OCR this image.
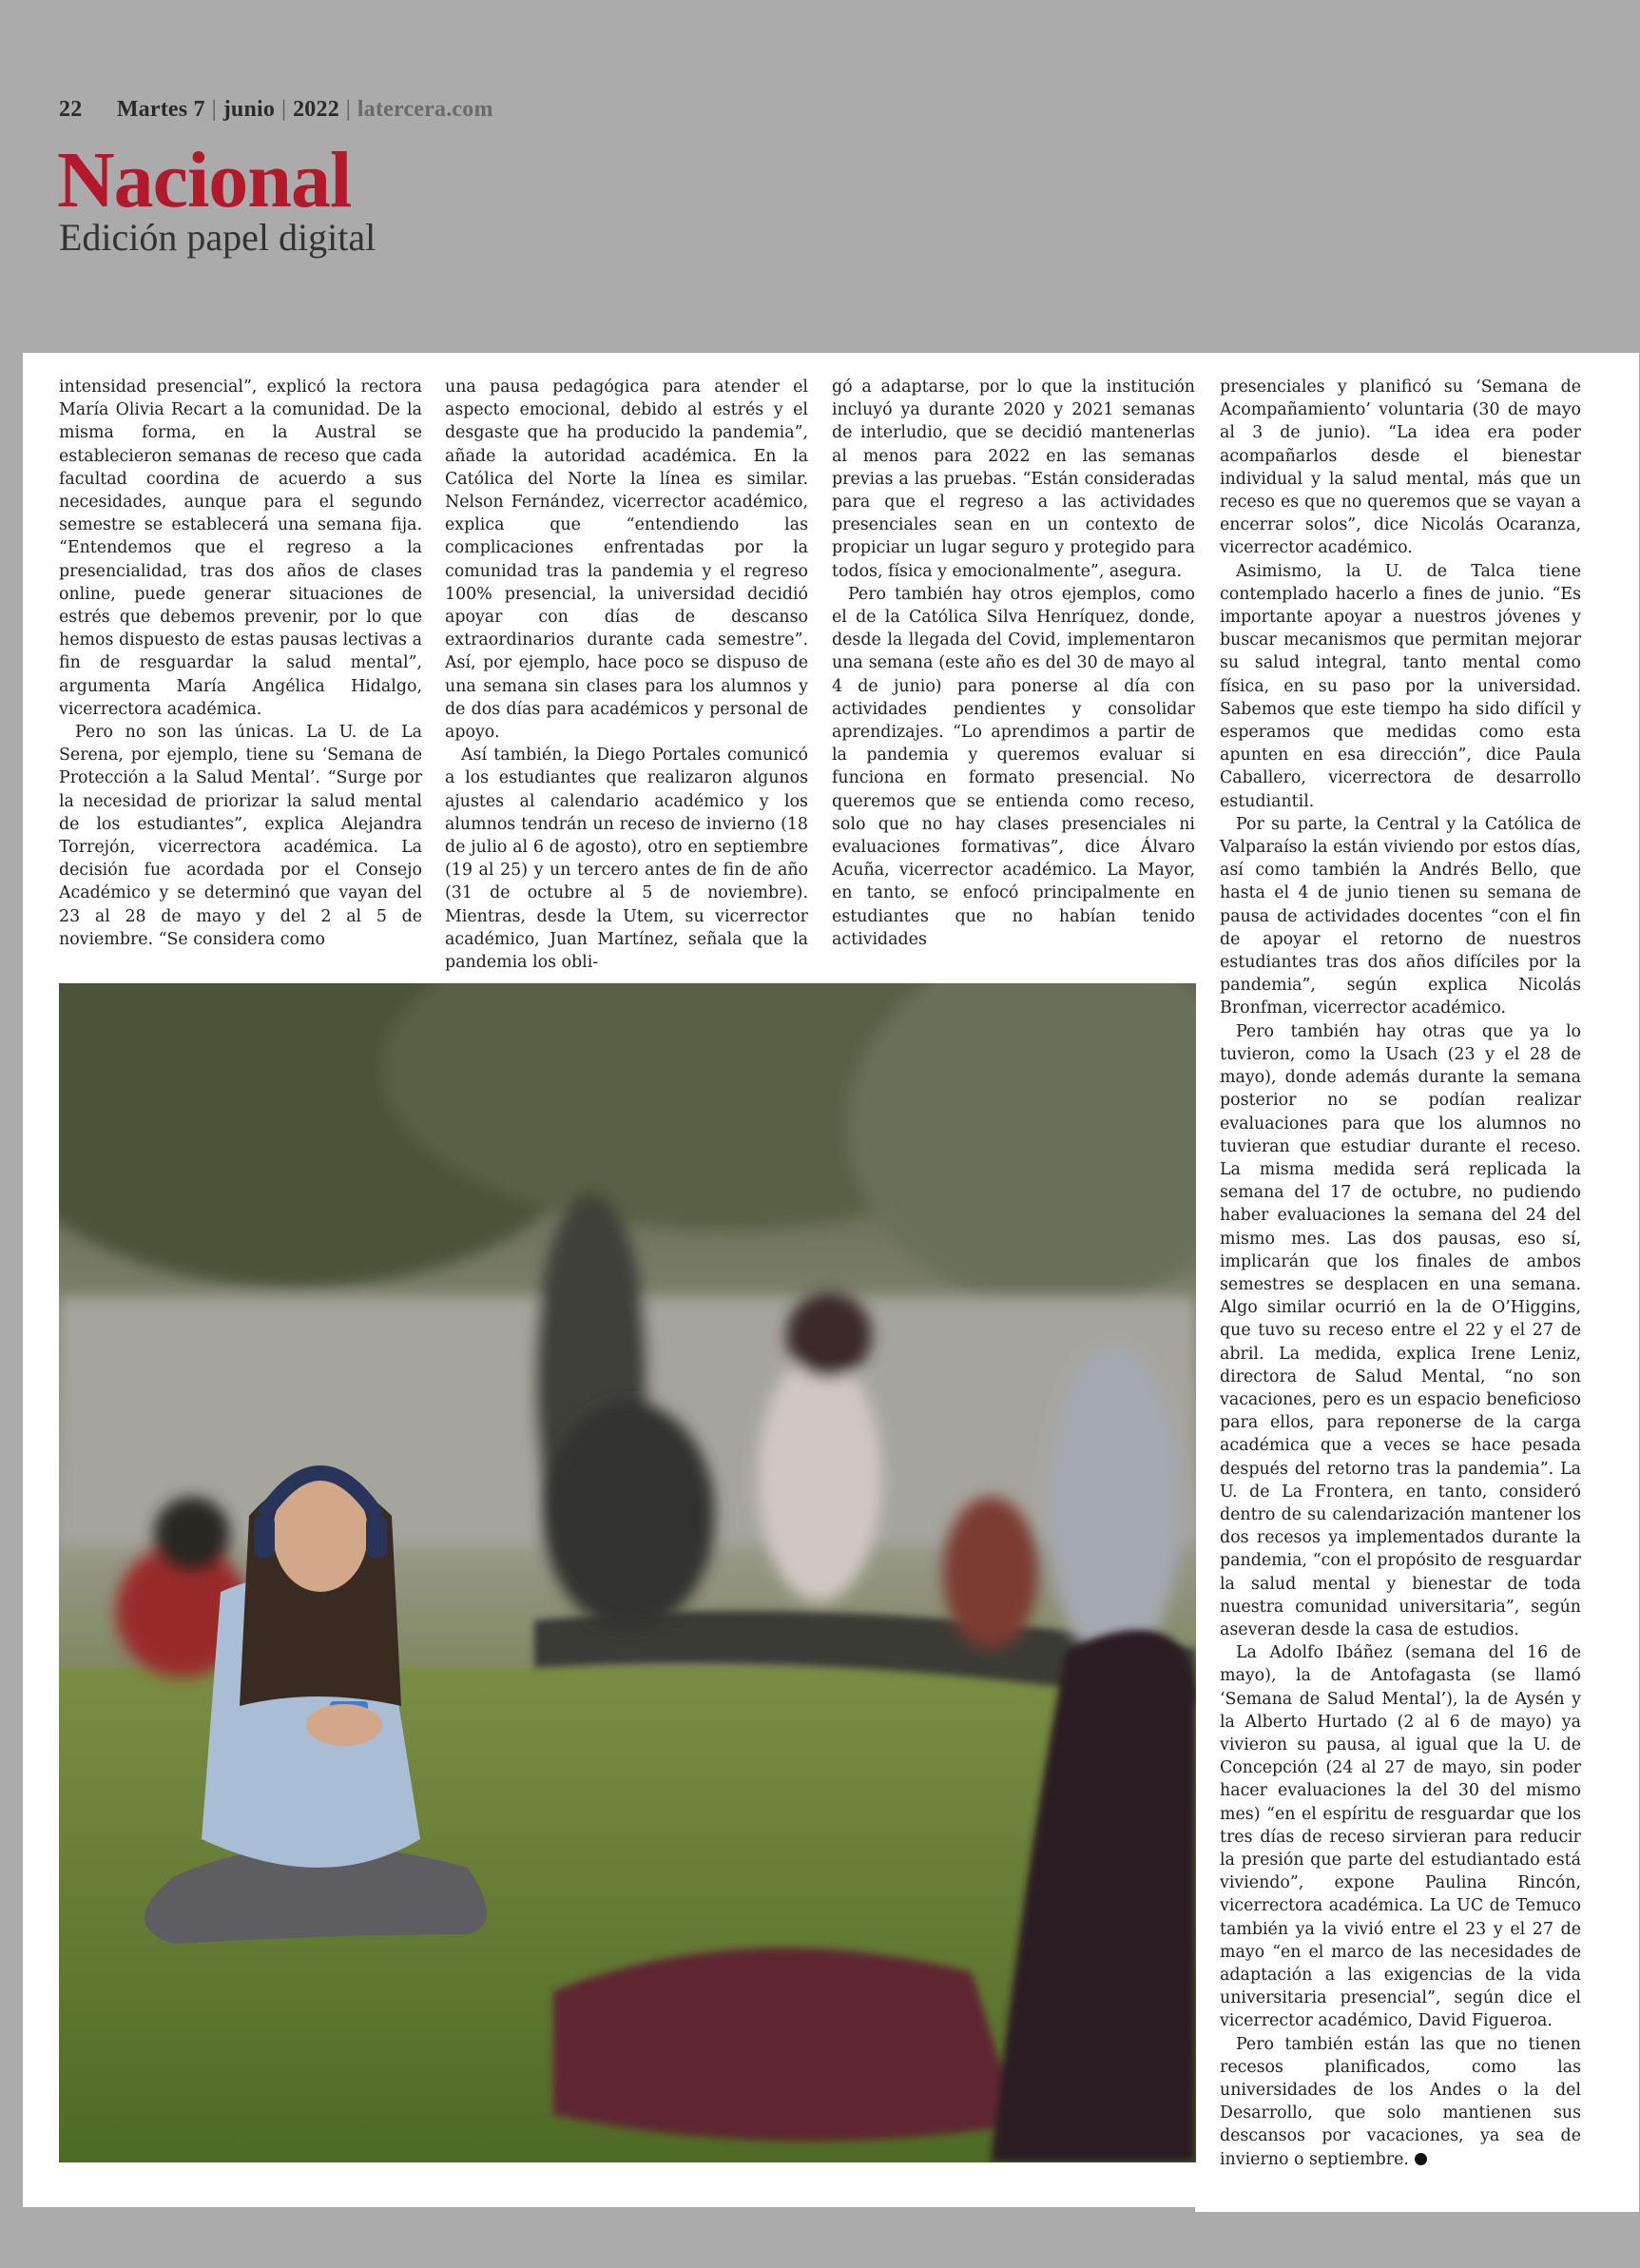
22 Martes 7 | junio | 2022 | latercera.com
Nacional
Edición papel digital

intensidad presencial”, explicó la rectora María Olivia Recart a la comunidad. De la misma forma, en la Austral se establecieron semanas de receso que cada facultad coordina de acuerdo a sus necesidades, aunque para el segundo semestre se establecerá una semana fija. “Entendemos que el regreso a la presencialidad, tras dos años de clases online, puede generar situaciones de estrés que debemos prevenir, por lo que hemos dispuesto de estas pausas lectivas a fin de resguardar la salud mental”, argumenta María Angélica Hidalgo, vicerrectora académica.

Pero no son las únicas. La U. de La Serena, por ejemplo, tiene su ‘Semana de Protección a la Salud Mental’. “Surge por la necesidad de priorizar la salud mental de los estudiantes”, explica Alejandra Torrejón, vicerrectora académica. La decisión fue acordada por el Consejo Académico y se determinó que vayan del 23 al 28 de mayo y del 2 al 5 de noviembre. “Se considera como

una pausa pedagógica para atender el aspecto emocional, debido al estrés y el desgaste que ha producido la pandemia”, añade la autoridad académica. En la Católica del Norte la línea es similar. Nelson Fernández, vicerrector académico, explica que “entendiendo las complicaciones enfrentadas por la comunidad tras la pandemia y el regreso 100% presencial, la universidad decidió apoyar con días de descanso extraordinarios durante cada semestre”. Así, por ejemplo, hace poco se dispuso de una semana sin clases para los alumnos y de dos días para académicos y personal de apoyo.

Así también, la Diego Portales comunicó a los estudiantes que realizaron algunos ajustes al calendario académico y los alumnos tendrán un receso de invierno (18 de julio al 6 de agosto), otro en septiembre (19 al 25) y un tercero antes de fin de año (31 de octubre al 5 de noviembre). Mientras, desde la Utem, su vicerrector académico, Juan Martínez, señala que la pandemia los obli-

gó a adaptarse, por lo que la institución incluyó ya durante 2020 y 2021 semanas de interludio, que se decidió mantenerlas al menos para 2022 en las semanas previas a las pruebas. “Están consideradas para que el regreso a las actividades presenciales sean en un contexto de propiciar un lugar seguro y protegido para todos, física y emocionalmente”, asegura.

Pero también hay otros ejemplos, como el de la Católica Silva Henríquez, donde, desde la llegada del Covid, implementaron una semana (este año es del 30 de mayo al 4 de junio) para ponerse al día con actividades pendientes y consolidar aprendizajes. “Lo aprendimos a partir de la pandemia y queremos evaluar si funciona en formato presencial. No queremos que se entienda como receso, solo que no hay clases presenciales ni evaluaciones formativas”, dice Álvaro Acuña, vicerrector académico. La Mayor, en tanto, se enfocó principalmente en estudiantes que no habían tenido actividades

presenciales y planificó su ‘Semana de Acompañamiento’ voluntaria (30 de mayo al 3 de junio). “La idea era poder acompañarlos desde el bienestar individual y la salud mental, más que un receso es que no queremos que se vayan a encerrar solos”, dice Nicolás Ocaranza, vicerrector académico.

Asimismo, la U. de Talca tiene contemplado hacerlo a fines de junio. “Es importante apoyar a nuestros jóvenes y buscar mecanismos que permitan mejorar su salud integral, tanto mental como física, en su paso por la universidad. Sabemos que este tiempo ha sido difícil y esperamos que medidas como esta apunten en esa dirección”, dice Paula Caballero, vicerrectora de desarrollo estudiantil.

Por su parte, la Central y la Católica de Valparaíso la están viviendo por estos días, así como también la Andrés Bello, que hasta el 4 de junio tienen su semana de pausa de actividades docentes “con el fin de apoyar el retorno de nuestros estudiantes tras dos años difíciles por la pandemia”, según explica Nicolás Bronfman, vicerrector académico.

Pero también hay otras que ya lo tuvieron, como la Usach (23 y el 28 de mayo), donde además durante la semana posterior no se podían realizar evaluaciones para que los alumnos no tuvieran que estudiar durante el receso. La misma medida será replicada la semana del 17 de octubre, no pudiendo haber evaluaciones la semana del 24 del mismo mes. Las dos pausas, eso sí, implicarán que los finales de ambos semestres se desplacen en una semana. Algo similar ocurrió en la de O’Higgins, que tuvo su receso entre el 22 y el 27 de abril. La medida, explica Irene Leniz, directora de Salud Mental, “no son vacaciones, pero es un espacio beneficioso para ellos, para reponerse de la carga académica que a veces se hace pesada después del retorno tras la pandemia”. La U. de La Frontera, en tanto, consideró dentro de su calendarización mantener los dos recesos ya implementados durante la pandemia, “con el propósito de resguardar la salud mental y bienestar de toda nuestra comunidad universitaria”, según aseveran desde la casa de estudios.

La Adolfo Ibáñez (semana del 16 de mayo), la de Antofagasta (se llamó ‘Semana de Salud Mental’), la de Aysén y la Alberto Hurtado (2 al 6 de mayo) ya vivieron su pausa, al igual que la U. de Concepción (24 al 27 de mayo, sin poder hacer evaluaciones la del 30 del mismo mes) “en el espíritu de resguardar que los tres días de receso sirvieran para reducir la presión que parte del estudiantado está viviendo”, expone Paulina Rincón, vicerrectora académica. La UC de Temuco también ya la vivió entre el 23 y el 27 de mayo “en el marco de las necesidades de adaptación a las exigencias de la vida universitaria presencial”, según dice el vicerrector académico, David Figueroa.

Pero también están las que no tienen recesos planificados, como las universidades de los Andes o la del Desarrollo, que solo mantienen sus descansos por vacaciones, ya sea de invierno o septiembre.
